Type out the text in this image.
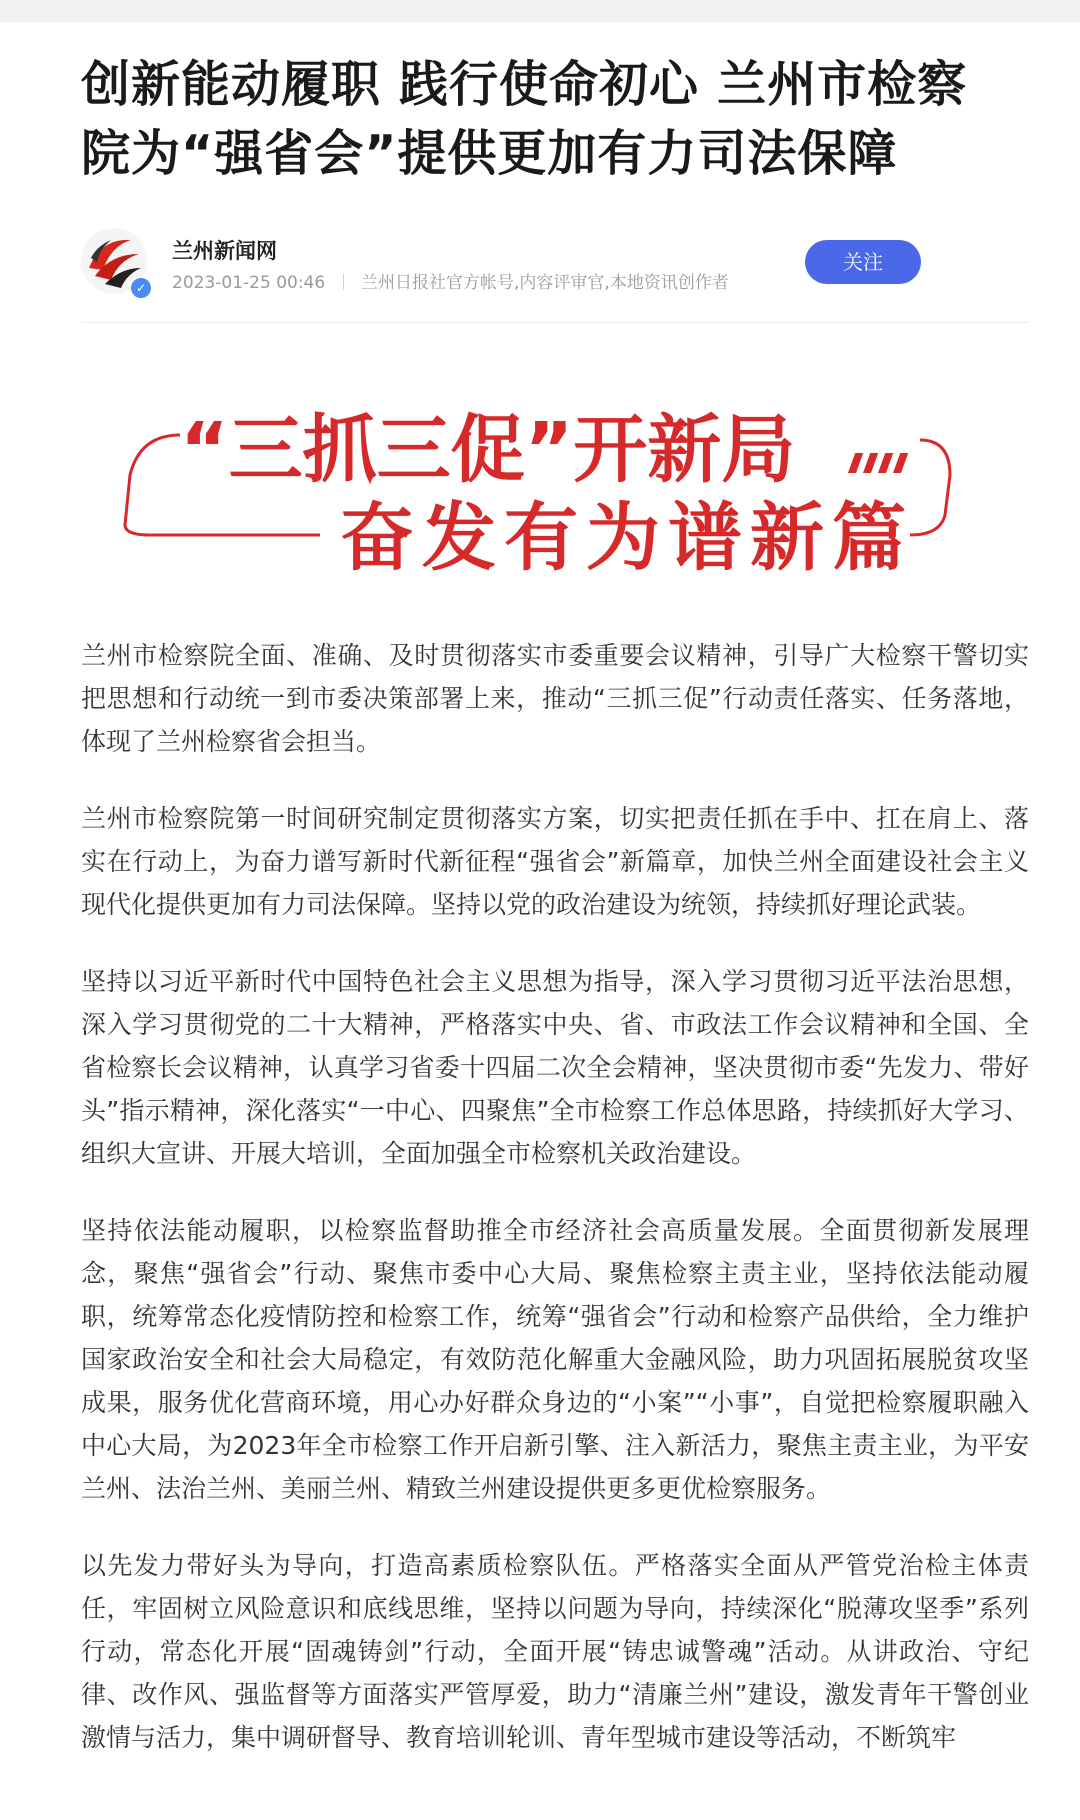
创新能动履职 践行使命初心 兰州市检察院为“强省会”提供更加有力司法保障
✓
兰州新闻网
2023-01-25 00:46 兰州日报社官方帐号,内容评审官,本地资讯创作者
关注
“三抓三促”开新局
奋发有为谱新篇

兰州市检察院全面、准确、及时贯彻落实市委重要会议精神，引导广大检察干警切实把思想和行动统一到市委决策部署上来，推动“三抓三促”行动责任落实、任务落地，体现了兰州检察省会担当。

兰州市检察院第一时间研究制定贯彻落实方案，切实把责任抓在手中、扛在肩上、落实在行动上，为奋力谱写新时代新征程“强省会”新篇章，加快兰州全面建设社会主义现代化提供更加有力司法保障。坚持以党的政治建设为统领，持续抓好理论武装。

坚持以习近平新时代中国特色社会主义思想为指导，深入学习贯彻习近平法治思想，深入学习贯彻党的二十大精神，严格落实中央、省、市政法工作会议精神和全国、全省检察长会议精神，认真学习省委十四届二次全会精神，坚决贯彻市委“先发力、带好头”指示精神，深化落实“一中心、四聚焦”全市检察工作总体思路，持续抓好大学习、组织大宣讲、开展大培训，全面加强全市检察机关政治建设。

坚持依法能动履职，以检察监督助推全市经济社会高质量发展。全面贯彻新发展理念，聚焦“强省会”行动、聚焦市委中心大局、聚焦检察主责主业，坚持依法能动履职，统筹常态化疫情防控和检察工作，统筹“强省会”行动和检察产品供给，全力维护国家政治安全和社会大局稳定，有效防范化解重大金融风险，助力巩固拓展脱贫攻坚成果，服务优化营商环境，用心办好群众身边的“小案”“小事”，自觉把检察履职融入中心大局，为2023年全市检察工作开启新引擎、注入新活力，聚焦主责主业，为平安兰州、法治兰州、美丽兰州、精致兰州建设提供更多更优检察服务。

以先发力带好头为导向，打造高素质检察队伍。严格落实全面从严管党治检主体责任，牢固树立风险意识和底线思维，坚持以问题为导向，持续深化“脱薄攻坚季”系列行动，常态化开展“固魂铸剑”行动，全面开展“铸忠诚警魂”活动。从讲政治、守纪律、改作风、强监督等方面落实严管厚爱，助力“清廉兰州”建设，激发青年干警创业激情与活力，集中调研督导、教育培训轮训、青年型城市建设等活动，不断筑牢
